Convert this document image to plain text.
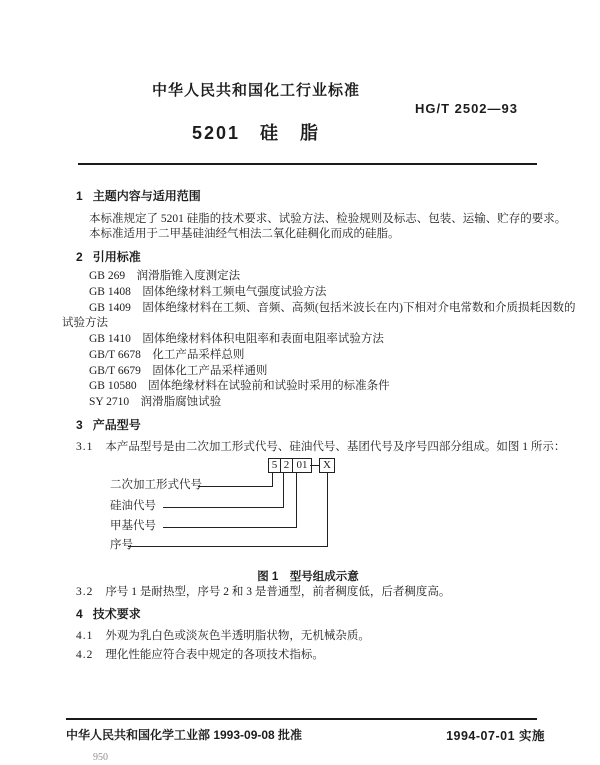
中华人民共和国化工行业标准
HG/T 2502—93
5201　硅　脂
1 主题内容与适用范围
本标准规定了 5201 硅脂的技术要求、试验方法、检验规则及标志、包装、运输、贮存的要求。
本标准适用于二甲基硅油经气相法二氧化硅稠化而成的硅脂。
2 引用标准
GB 269　润滑脂锥入度测定法
GB 1408　固体绝缘材料工频电气强度试验方法
GB 1409　固体绝缘材料在工频、音频、高频(包括米波长在内)下相对介电常数和介质损耗因数的
试验方法
GB 1410　固体绝缘材料体积电阻率和表面电阻率试验方法
GB/T 6678　化工产品采样总则
GB/T 6679　固体化工产品采样通则
GB 10580　固体绝缘材料在试验前和试验时采用的标准条件
SY 2710　润滑脂腐蚀试验
3 产品型号
3.1 本产品型号是由二次加工形式代号、硅油代号、基团代号及序号四部分组成。如图 1 所示：
5 2 01	X
二次加工形式代号
硅油代号
甲基代号
序号
图 1　型号组成示意
3.2 序号 1 是耐热型，序号 2 和 3 是普通型，前者稠度低，后者稠度高。
4 技术要求
4.1 外观为乳白色或淡灰色半透明脂状物，无机械杂质。
4.2 理化性能应符合表中规定的各项技术指标。
中华人民共和国化学工业部 1993-09-08 批准	1994-07-01 实施
950
